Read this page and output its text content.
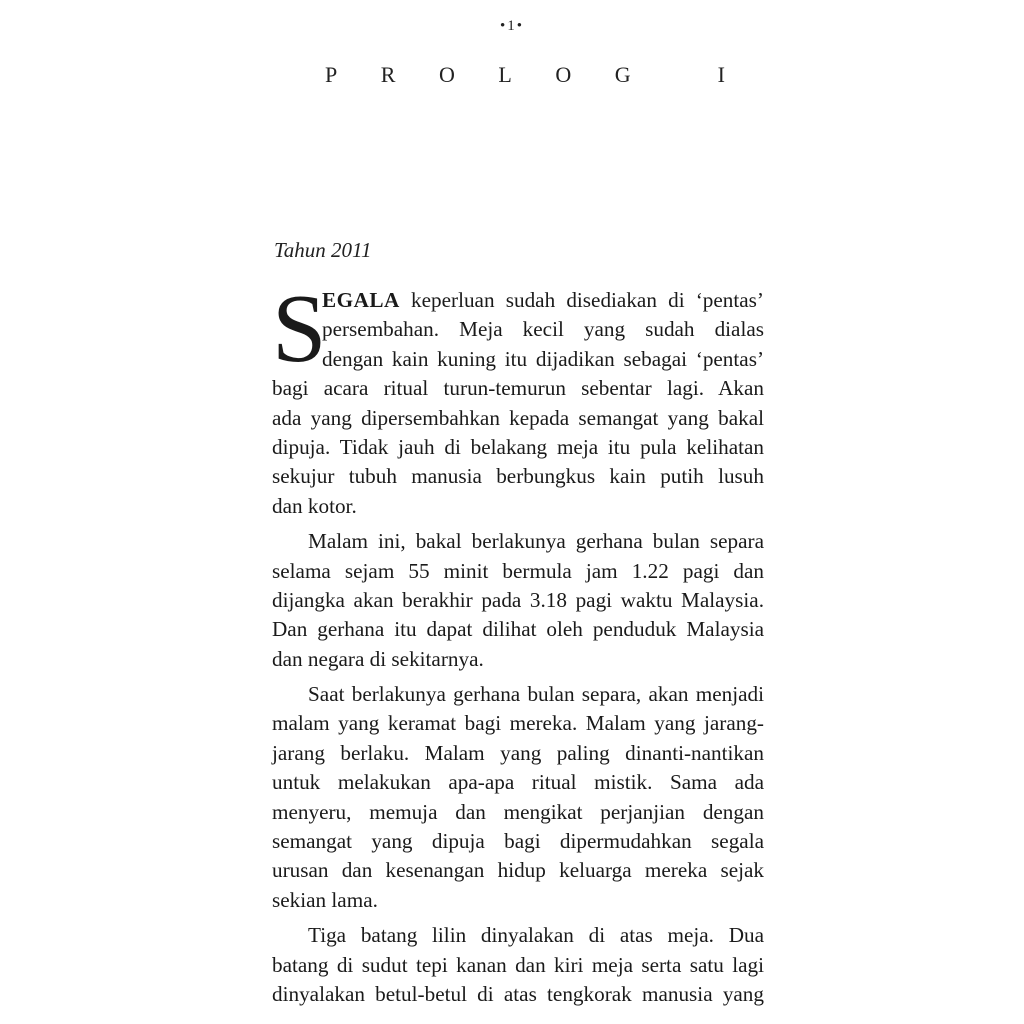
•1•
P R O L O G	I
Tahun 2011
S
EGALA keperluan sudah disediakan di ‘pentas’
persembahan. Meja kecil yang sudah dialas
dengan kain kuning itu dijadikan sebagai ‘pentas’
bagi acara ritual turun-temurun sebentar lagi. Akan
ada yang dipersembahkan kepada semangat yang bakal
dipuja. Tidak jauh di belakang meja itu pula kelihatan
sekujur tubuh manusia berbungkus kain putih lusuh
dan kotor.
Malam ini, bakal berlakunya gerhana bulan separa
selama sejam 55 minit bermula jam 1.22 pagi dan
dijangka akan berakhir pada 3.18 pagi waktu Malaysia.
Dan gerhana itu dapat dilihat oleh penduduk Malaysia
dan negara di sekitarnya.
Saat berlakunya gerhana bulan separa, akan menjadi
malam yang keramat bagi mereka. Malam yang jarang-
jarang berlaku. Malam yang paling dinanti-nantikan
untuk melakukan apa-apa ritual mistik. Sama ada
menyeru, memuja dan mengikat perjanjian dengan
semangat yang dipuja bagi dipermudahkan segala
urusan dan kesenangan hidup keluarga mereka sejak
sekian lama.
Tiga batang lilin dinyalakan di atas meja. Dua
batang di sudut tepi kanan dan kiri meja serta satu lagi
dinyalakan betul-betul di atas tengkorak manusia yang
